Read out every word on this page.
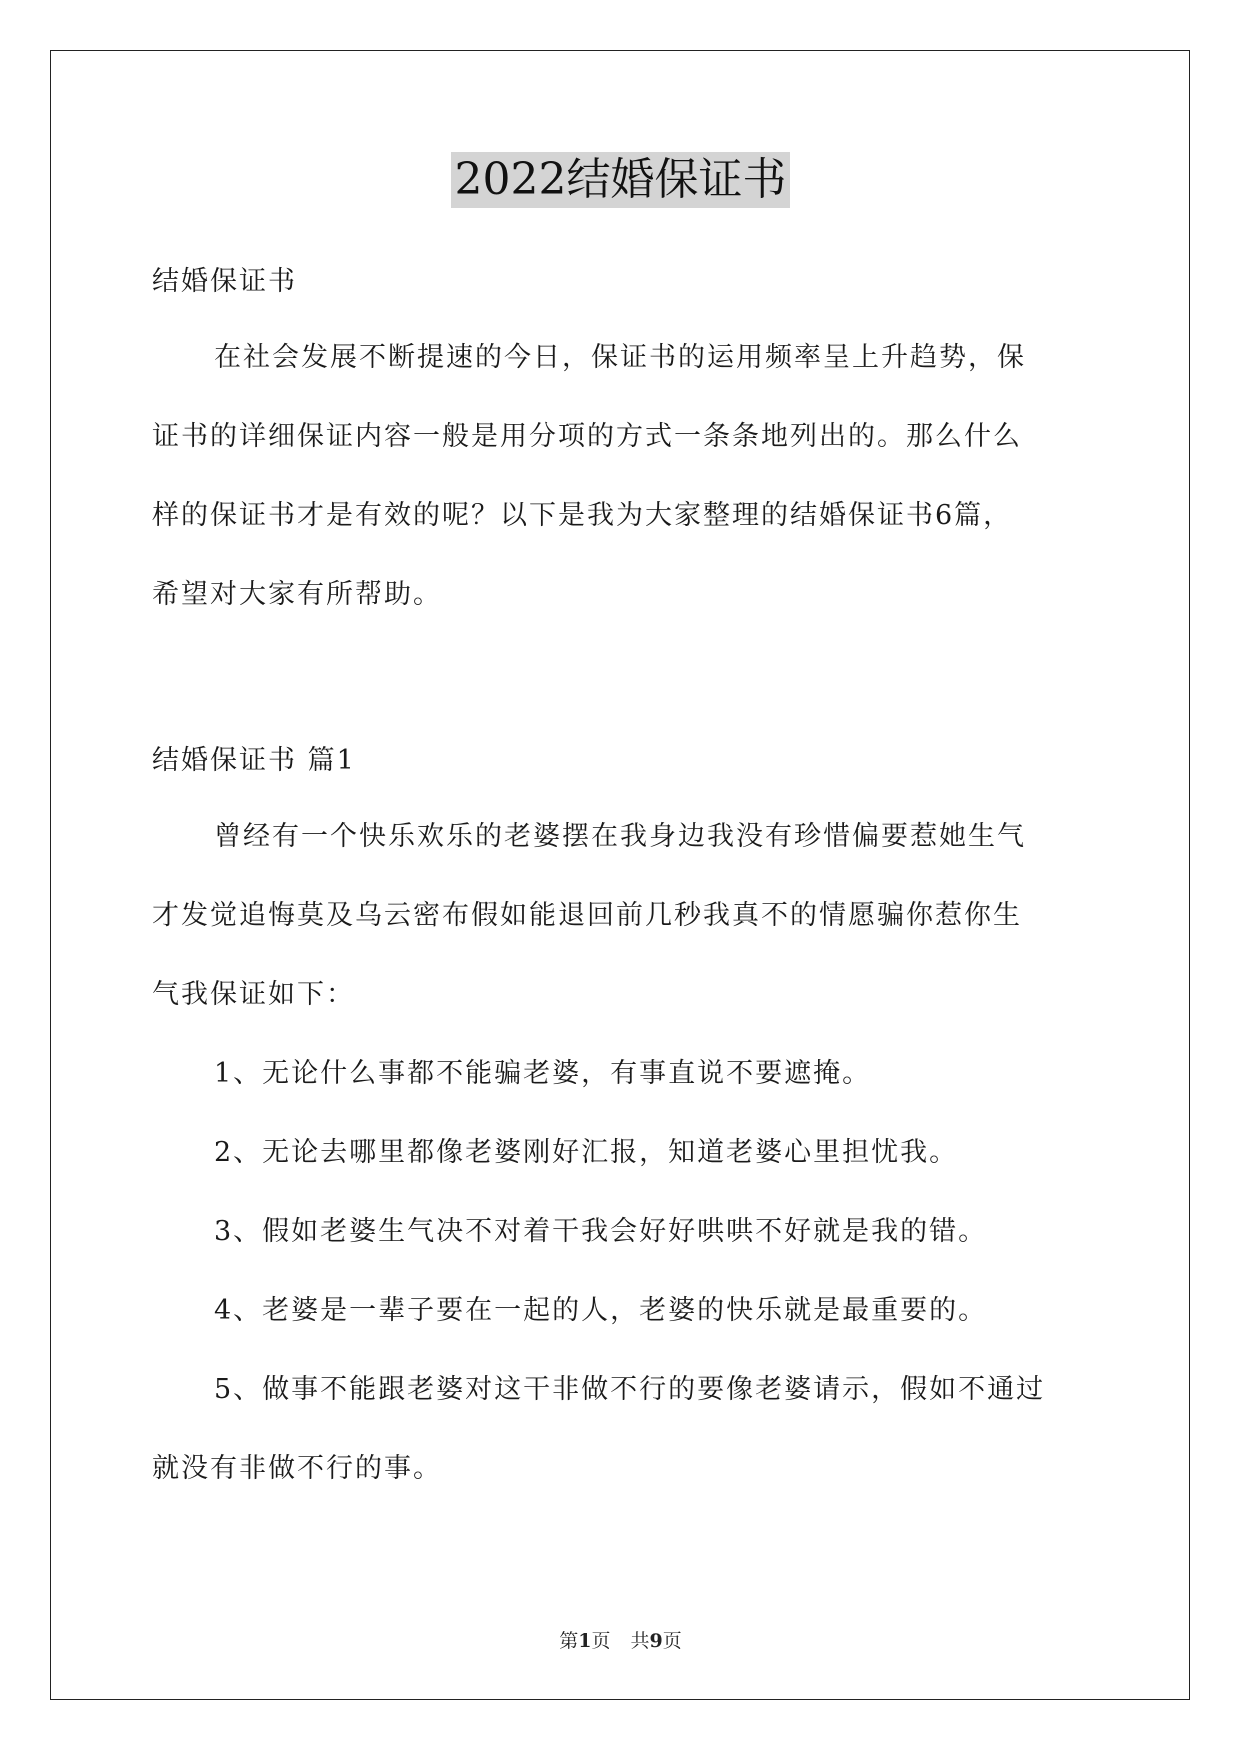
2022结婚保证书

结婚保证书

在社会发展不断提速的今日，保证书的运用频率呈上升趋势，保

证书的详细保证内容一般是用分项的方式一条条地列出的。那么什么

样的保证书才是有效的呢？以下是我为大家整理的结婚保证书6篇，

希望对大家有所帮助。

结婚保证书 篇1

曾经有一个快乐欢乐的老婆摆在我身边我没有珍惜偏要惹她生气

才发觉追悔莫及乌云密布假如能退回前几秒我真不的情愿骗你惹你生

气我保证如下：

1、无论什么事都不能骗老婆，有事直说不要遮掩。

2、无论去哪里都像老婆刚好汇报，知道老婆心里担忧我。

3、假如老婆生气决不对着干我会好好哄哄不好就是我的错。

4、老婆是一辈子要在一起的人，老婆的快乐就是最重要的。

5、做事不能跟老婆对这干非做不行的要像老婆请示，假如不通过

就没有非做不行的事。

第1页 共9页
